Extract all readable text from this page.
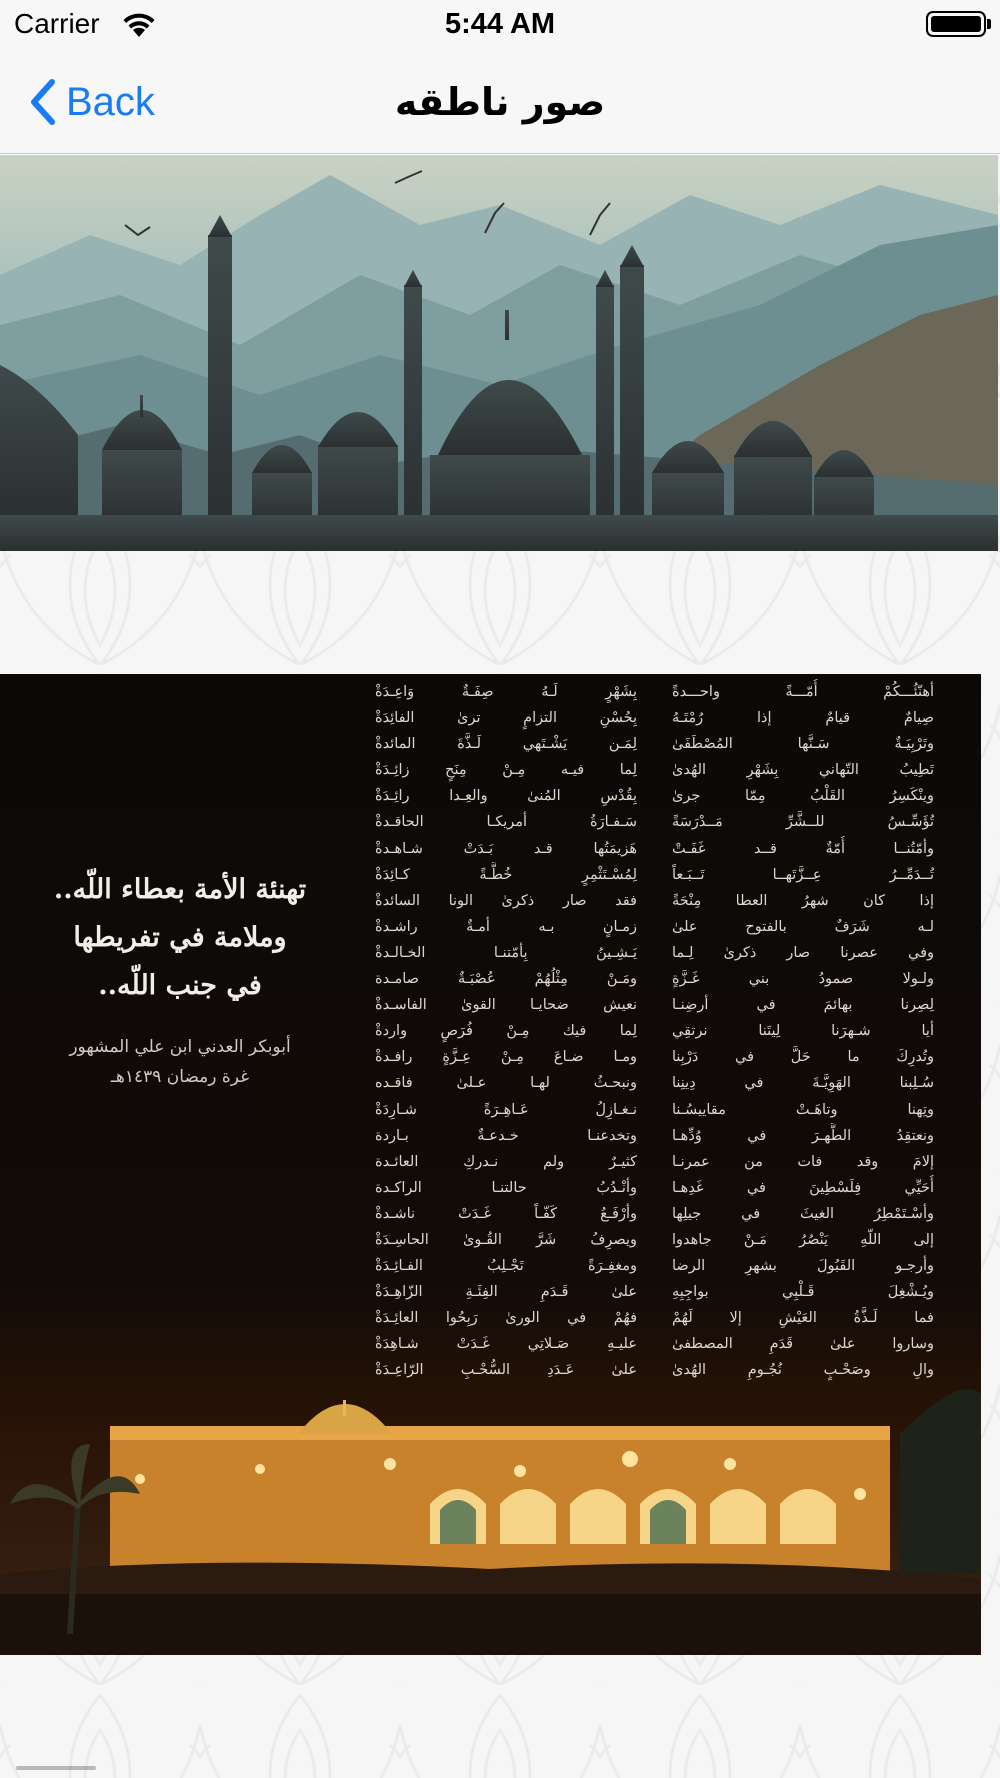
Carrier	5:44 AM
Back	صور ناطقه
تهنئة الأمة بعطاء اللّه..
وملامة في تفريطها
في جنب اللّه..
أبوبكر العدني ابن علي المشهور
غرة رمضان ١٤٣٩هـ
أهنّئُـــكُمْ أُمّـــةً واحـــدةً
صِيامٌ قيامٌ إذا رُمْتَـهُ
وتَرْبِيَـةٌ سَـنَّها المُصْطَفَىٰ
تَطِيبُ التّهاني بِشَهْرِ الهُدىٰ
وينْكَسِرُ القَلْبُ مِمّا جرىٰ
تُؤَسِّـسُ للــشَّرِّ مَــدْرَسَةً
وأمّتُنــا أُمّةٌ قــد غَفَـتْ
تُــدَمِّــرُ عِــزَّتَهــا تَــبَـعاً
إذا كان شهرُ العطا مِنْحَةً
لـه شَرَفٌ بالفتوح علىٰ
وفي عصرنا صار ذكرىٰ لِـما
ولـولا صمودُ بني غَـزَّةٍ
لِصِرنا بهائمَ في أرضِنـا
أيا شـهرَنا لِيتَنا نرتقِي
وتُدرِكَ ما حَلَّ في دَرْبِنا
سُـلِبنا الهَوِيَّـةَ في دِينِنا
وتِهنا وتاهَـتْ مقاييسُـنا
ونعتقِدُ الطُّهـرَ في وُدِّهـا
إلامَ وقد فات من عمرنـا
أُحَيِّي فِلَسْطِينَ في غَدِهـا
وأسْـتَمْطِرُ الغيثَ في جيلِها
إلى اللّهِ يَنْصُرُ مَـنْ جاهدوا
وأرجـو القَبُولَ بشهرِ الرضا
ويُـشْغِلَ قَـلْبِي بواجِبِهِ
فما لَـذَّةُ العَيْشِ إلا لَهُمْ
وساروا علىٰ قَدَمِ المصطفىٰ
والِ وصَحْـبٍ نُجُـومِ الهُدىٰ
بِشَهْرٍ لَـهُ صِفَـةٌ وَاعِـدَةْ
بِحُسْنِ التزامٍ ترىٰ الفائِدَةْ
لِمَـن يَشْـتَهي لَـذَّةَ المائدةْ
لِما فيـه مِـنْ مِنَحٍ زائِـدَةْ
بِقُدْسِ المُنىٰ والعِـدا رائِـدَةْ
سَـفـارَةُ أمريكـا الحاقـدةْ
هَزيمَتُها قـد بَـدَتْ شـاهـدةْ
لِمُسْـتَثْمِرٍ خُطَّـةً كـائِدَةْ
فقد صار ذكرىٰ الونا السائدةْ
زمـانٍ بـه أمـةٌ راشـدةْ
يَـشِـينُ بِأمّتنـا الخـالـدةْ
ومَـنْ مِثْلُهُمْ عُصْبَـةٌ صامـدة
نعيش ضحايـا القوىٰ الفاسـدةْ
لِما فيك مِـنْ فُرَصٍ واردةْ
ومـا ضـاعَ مِـنْ عِـزَّةٍ رافـدةْ
ونبحـثُ لهـا عـلىٰ فاقـده
نـغـازِلُ عَـاهِـرَةً شـارِدَةْ
وتخدعنـا خـدعـةٌ بـاردة
كثيـرٌ ولم نـدركِ العائـدة
وأنْـدُبُ حالتنـا الراكـدة
وأرْفَـعُ كَفّـاً غَـدَتْ ناشـدةْ
ويصرِفُ شَرَّ القُـوىٰ الحاسِـدَةْ
ومغفِـرَةً تَجْـلِبُ الفـائِـدَةْ
علىٰ قَـدَمِ الفِئَـةِ الزّاهِـدَةْ
فهُمْ في الورىٰ رَبِحُوا العائِـدَةْ
عليـهِ صَـلاتِي غَـدَتْ شـاهِدَةْ
علىٰ عَـدَدِ السُّحْـبِ الرّاعِـدَةْ
